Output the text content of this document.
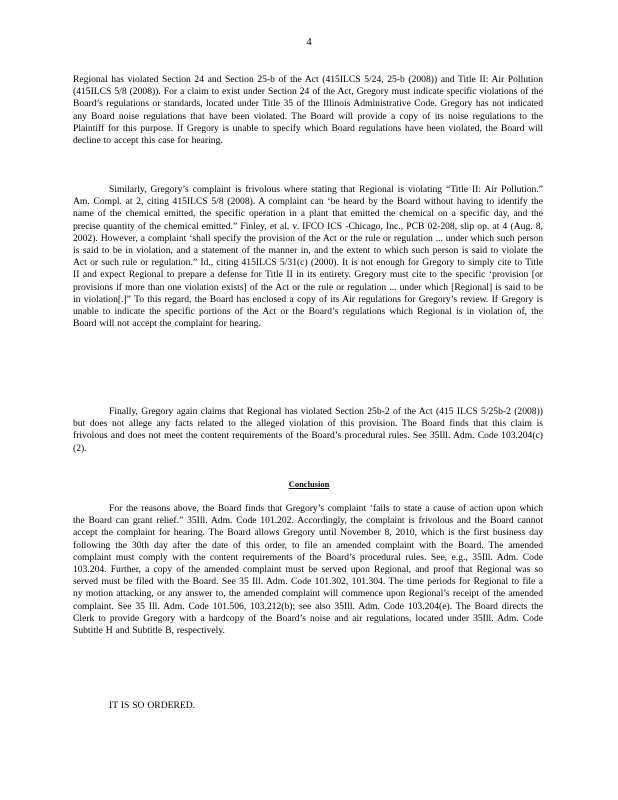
4
Regional has violated Section 24 and Section 25-b of the Act (415ILCS 5/24, 25-b (2008)) and Title II: Air Pollution (415ILCS 5/8 (2008)). For a claim to exist under Section 24 of the Act, Gregory must indicate specific violations of the Board’s regulations or standards, located under Title 35 of the Illinois Administrative Code. Gregory has not indicated any Board noise regulations that have been violated. The Board will provide a copy of its noise regulations to the Plaintiff for this purpose. If Gregory is unable to specify which Board regulations have been violated, the Board will decline to accept this case for hearing.
Similarly, Gregory’s complaint is frivolous where stating that Regional is violating “Title II: Air Pollution.” Am. Compl. at 2, citing 415ILCS 5/8 (2008). A complaint can ‘be heard by the Board without having to identify the name of the chemical emitted, the specific operation in a plant that emitted the chemical on a specific day, and the precise quantity of the chemical emitted.” Finley, et al. v. IFCO ICS -Chicago, Inc., PCB 02-208, slip op. at 4 (Aug. 8, 2002). However, a complaint ‘shall specify the provision of the Act or the rule or regulation ... under which such person is said to be in violation, and a statement of the manner in, and the extent to which such person is said to violate the Act or such rule or regulation.” Id., citing 415ILCS 5/31(c) (2000). It is not enough for Gregory to simply cite to Title II and expect Regional to prepare a defense for Title II in its entirety. Gregory must cite to the specific ‘provision [or provisions if more than one violation exists] of the Act or the rule or regulation ... under which [Regional] is said to be in violation[.]” To this regard, the Board has enclosed a copy of its Air regulations for Gregory’s review. If Gregory is unable to indicate the specific portions of the Act or the Board’s regulations which Regional is in violation of, the Board will not accept the complaint for hearing.
Finally, Gregory again claims that Regional has violated Section 25b-2 of the Act (415 ILCS 5/25b-2 (2008)) but does not allege any facts related to the alleged violation of this provision. The Board finds that this claim is frivolous and does not meet the content requirements of the Board’s procedural rules. See 35Ill. Adm. Code 103.204(c)(2).
Conclusion
For the reasons above, the Board finds that Gregory’s complaint ‘fails to state a cause of action upon which the Board can grant relief.” 35Ill. Adm. Code 101.202. Accordingly, the complaint is frivolous and the Board cannot accept the complaint for hearing. The Board allows Gregory until November 8, 2010, which is the first business day following the 30th day after the date of this order, to file an amended complaint with the Board. The amended complaint must comply with the content requirements of the Board’s procedural rules. See, e.g., 35Ill. Adm. Code 103.204. Further, a copy of the amended complaint must be served upon Regional, and proof that Regional was so served must be filed with the Board. See 35 Ill. Adm. Code 101.302, 101.304. The time periods for Regional to file a ny motion attacking, or any answer to, the amended complaint will commence upon Regional’s receipt of the amended complaint. See 35 Ill. Adm. Code 101.506, 103.212(b); see also 35Ill. Adm. Code 103.204(e). The Board directs the Clerk to provide Gregory with a hardcopy of the Board’s noise and air regulations, located under 35Ill. Adm. Code Subtitle H and Subtitle B, respectively.
IT IS SO ORDERED.
